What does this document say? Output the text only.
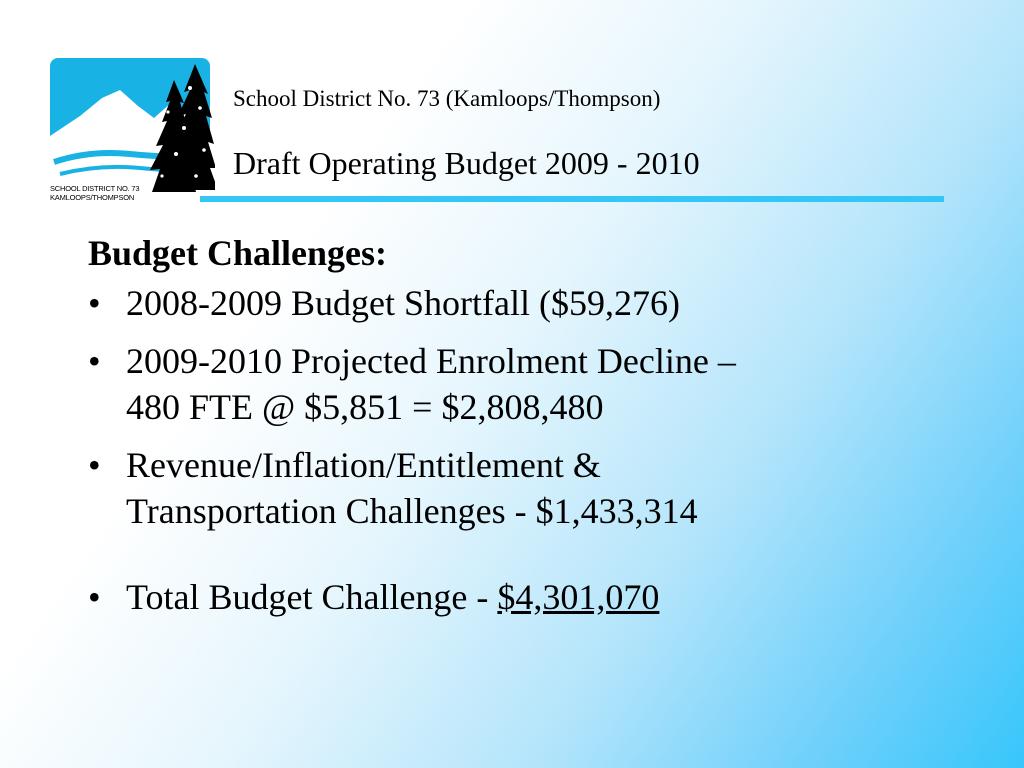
SCHOOL DISTRICT NO. 73
KAMLOOPS/THOMPSON
School District No. 73 (Kamloops/Thompson)
Draft Operating Budget 2009 - 2010
Budget Challenges:
• 2008-2009 Budget Shortfall ($59,276)
• 2009-2010 Projected Enrolment Decline –
480 FTE @ $5,851 = $2,808,480
• Revenue/Inflation/Entitlement &
Transportation Challenges - $1,433,314
• Total Budget Challenge - $4,301,070
